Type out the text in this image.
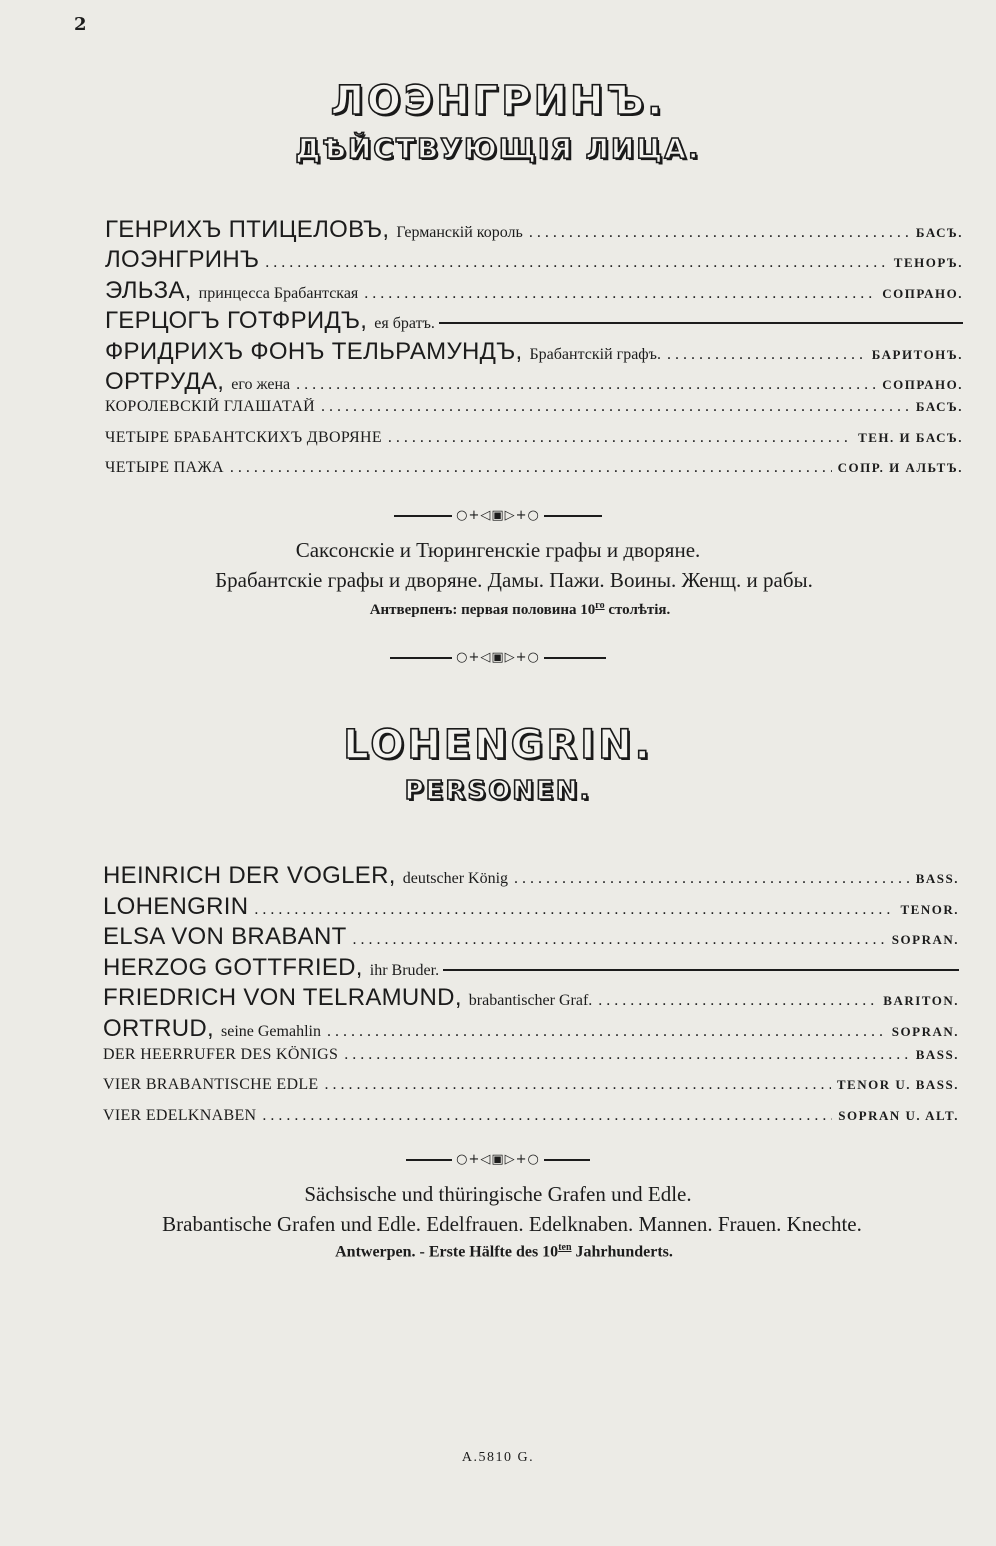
2
ЛОЭНГРИНЪ.
ДѢЙСТВУЮЩІЯ ЛИЦА.
ГЕНРИХЪ ПТИЦЕЛОВЪ, Германскій король . . .	БАСЪ.
ЛОЭНГРИНЪ . . .	ТЕНОРЪ.
ЭЛЬЗА, принцесса Брабантская . . .	СОПРАНО.
ГЕРЦОГЪ ГОТФРИДЪ, ея братъ.
ФРИДРИХЪ ФОНЪ ТЕЛЬРАМУНДЪ, Брабантскій графъ. . . .	БАРИТОНЪ.
ОРТРУДА, его жена . . .	СОПРАНО.
КОРОЛЕВСКІЙ ГЛАШАТАЙ . . .	БАСЪ.
ЧЕТЫРЕ БРАБАНТСКИХЪ ДВОРЯНЕ . . .	ТЕН. И БАСЪ.
ЧЕТЫРЕ ПАЖА . . .	СОПР. И АЛЬТЪ.
○+◁▣▷+○
Саксонскіе и Тюрингенскіе графы и дворяне.
Брабантскіе графы и дворяне. Дамы. Пажи. Воины. Женщ. и рабы.
Антверпенъ: первая половина $10^{го}$ столѣтія.
○+◁▣▷+○
LOHENGRIN.
PERSONEN.
HEINRICH DER VOGLER, deutscher König . . .	BASS.
LOHENGRIN . . .	TENOR.
ELSA VON BRABANT . . .	SOPRAN.
HERZOG GOTTFRIED, ihr Bruder.
FRIEDRICH VON TELRAMUND, brabantischer Graf. . . .	BARITON.
ORTRUD, seine Gemahlin . . .	SOPRAN.
DER HEERRUFER DES KÖNIGS . . .	BASS.
VIER BRABANTISCHE EDLE . . .	TENOR U. BASS.
VIER EDELKNABEN . . .	SOPRAN U. ALT.
○+◁▣▷+○
Sächsische und thüringische Grafen und Edle.
Brabantische Grafen und Edle. Edelfrauen. Edelknaben. Mannen. Frauen. Knechte.
Antwerpen. - Erste Hälfte des $10^{ten}$ Jahrhunderts.
A.5810 G.
